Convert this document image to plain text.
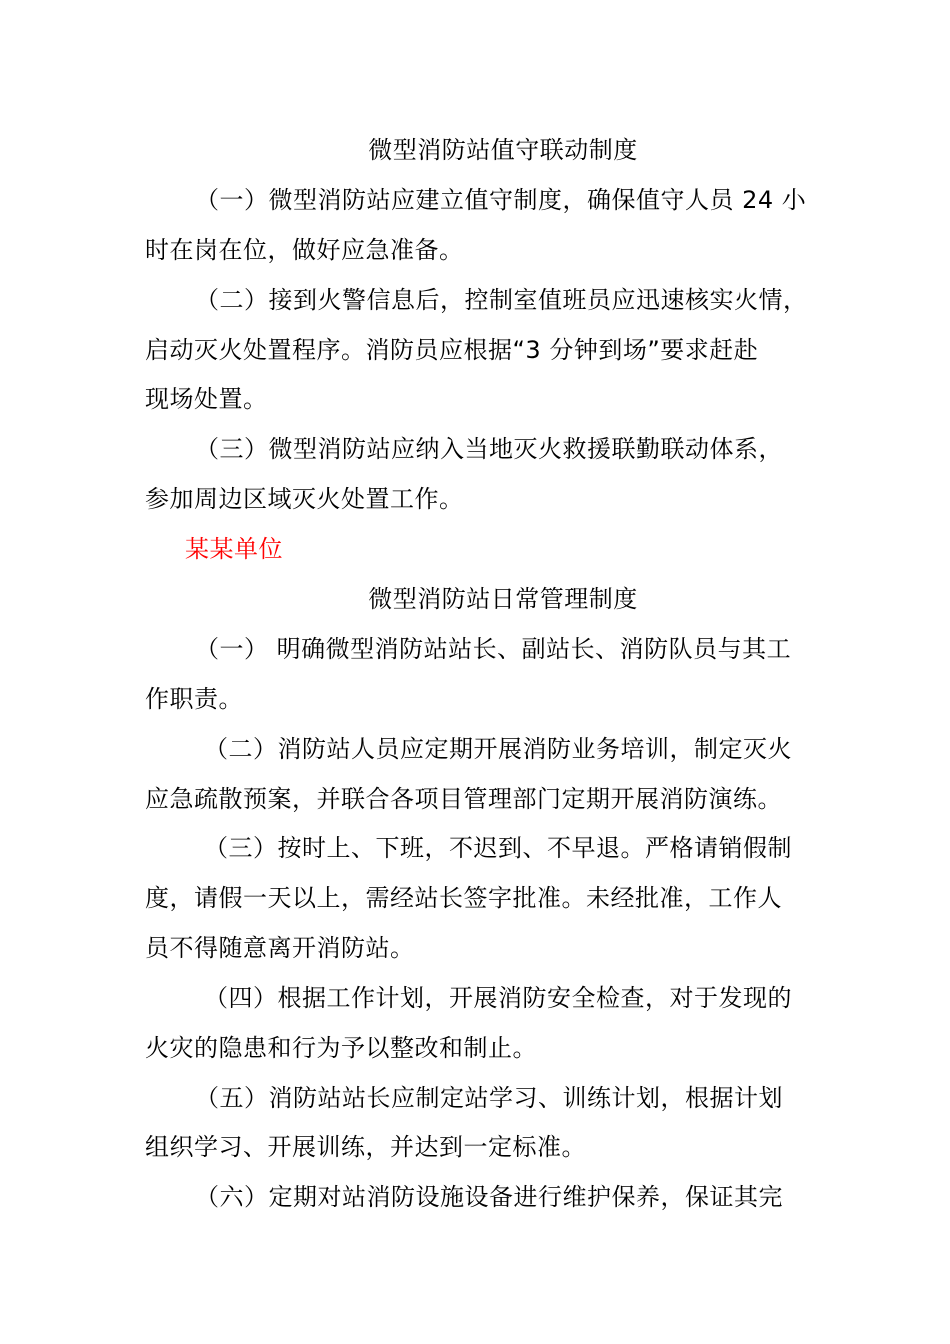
微型消防站值守联动制度
（一）微型消防站应建立值守制度，确保值守人员 24 小
时在岗在位，做好应急准备。
（二）接到火警信息后，控制室值班员应迅速核实火情，
启动灭火处置程序。消防员应根据“3 分钟到场”要求赶赴
现场处置。
（三）微型消防站应纳入当地灭火救援联勤联动体系，
参加周边区域灭火处置工作。
某某单位
微型消防站日常管理制度
（一） 明确微型消防站站长、副站长、消防队员与其工
作职责。
（二）消防站人员应定期开展消防业务培训，制定灭火
应急疏散预案，并联合各项目管理部门定期开展消防演练。
（三）按时上、下班，不迟到、不早退。严格请销假制
度，请假一天以上，需经站长签字批准。未经批准，工作人
员不得随意离开消防站。
（四）根据工作计划，开展消防安全检查，对于发现的
火灾的隐患和行为予以整改和制止。
（五）消防站站长应制定站学习、训练计划，根据计划
组织学习、开展训练，并达到一定标准。
（六）定期对站消防设施设备进行维护保养，保证其完
